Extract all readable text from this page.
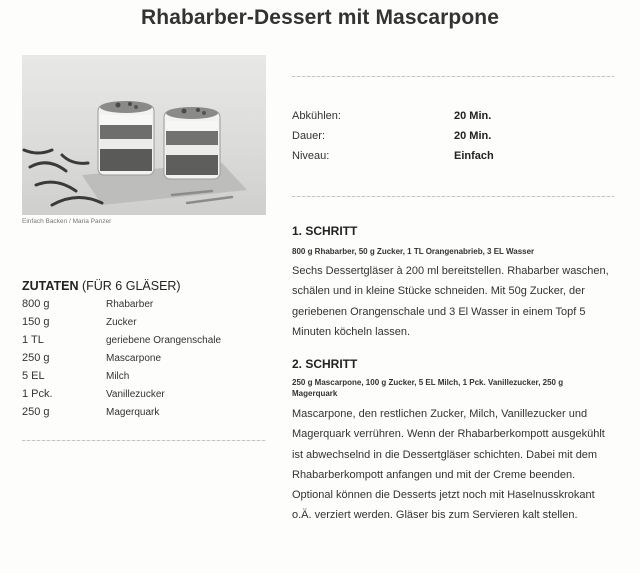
Rhabarber-Dessert mit Mascarpone
Einfach Backen / Maria Panzer
Abkühlen:	20 Min.
Dauer:	20 Min.
Niveau:	Einfach
ZUTATEN (FÜR 6 GLÄSER)
800 g	Rhabarber
150 g	Zucker
1 TL	geriebene Orangenschale
250 g	Mascarpone
5 EL	Milch
1 Pck.	Vanillezucker
250 g	Magerquark
1. SCHRITT
800 g Rhabarber, 50 g Zucker, 1 TL Orangenabrieb, 3 EL Wasser
Sechs Dessertgläser à 200 ml bereitstellen. Rhabarber waschen, schälen und in kleine Stücke schneiden. Mit 50g Zucker, der geriebenen Orangenschale und 3 El Wasser in einem Topf 5 Minuten köcheln lassen.
2. SCHRITT
250 g Mascarpone, 100 g Zucker, 5 EL Milch, 1 Pck. Vanillezucker, 250 g Magerquark
Mascarpone, den restlichen Zucker, Milch, Vanillezucker und Magerquark verrühren. Wenn der Rhabarberkompott ausgekühlt ist abwechselnd in die Dessertgläser schichten. Dabei mit dem Rhabarberkompott anfangen und mit der Creme beenden. Optional können die Desserts jetzt noch mit Haselnusskrokant o.Ä. verziert werden. Gläser bis zum Servieren kalt stellen.
